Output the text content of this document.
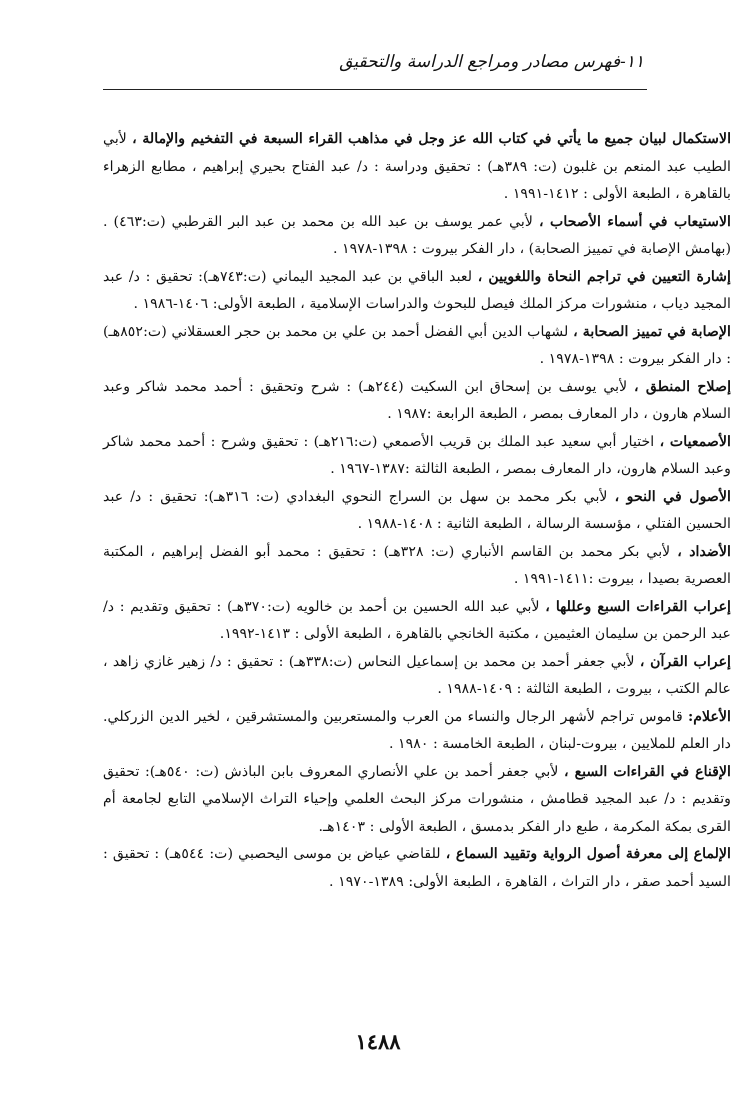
١١-فهرس مصادر ومراجع الدراسة والتحقيق

الاستكمال لبيان جميع ما يأتي في كتاب الله عز وجل في مذاهب القراء السبعة في التفخيم والإمالة ، لأبي الطيب عبد المنعم بن غلبون (ت: ٣٨٩هـ) : تحقيق ودراسة : د/ عبد الفتاح بحيري إبراهيم ، مطابع الزهراء بالقاهرة ، الطبعة الأولى : ١٤١٢-١٩٩١ .

الاستيعاب في أسماء الأصحاب ، لأبي عمر يوسف بن عبد الله بن محمد بن عبد البر القرطبي (ت:٤٦٣) . (بهامش الإصابة في تمييز الصحابة) ، دار الفكر بيروت : ١٣٩٨-١٩٧٨ .

إشارة التعيين في تراجم النحاة واللغويين ، لعبد الباقي بن عبد المجيد اليماني (ت:٧٤٣هـ): تحقيق : د/ عبد المجيد دياب ، منشورات مركز الملك فيصل للبحوث والدراسات الإسلامية ، الطبعة الأولى: ١٤٠٦-١٩٨٦ .

الإصابة في تمييز الصحابة ، لشهاب الدين أبي الفضل أحمد بن علي بن محمد بن حجر العسقلاني (ت:٨٥٢هـ) : دار الفكر بيروت : ١٣٩٨-١٩٧٨ .

إصلاح المنطق ، لأبي يوسف بن إسحاق ابن السكيت (٢٤٤هـ) : شرح وتحقيق : أحمد محمد شاكر وعبد السلام هارون ، دار المعارف بمصر ، الطبعة الرابعة :١٩٨٧ .

الأصمعيات ، اختيار أبي سعيد عبد الملك بن قريب الأصمعي (ت:٢١٦هـ) : تحقيق وشرح : أحمد محمد شاكر وعبد السلام هارون، دار المعارف بمصر ، الطبعة الثالثة :١٣٨٧-١٩٦٧ .

الأصول في النحو ، لأبي بكر محمد بن سهل بن السراج النحوي البغدادي (ت: ٣١٦هـ): تحقيق : د/ عبد الحسين الفتلي ، مؤسسة الرسالة ، الطبعة الثانية : ١٤٠٨-١٩٨٨ .

الأضداد ، لأبي بكر محمد بن القاسم الأنباري (ت: ٣٢٨هـ) : تحقيق : محمد أبو الفضل إبراهيم ، المكتبة العصرية بصيدا ، بيروت :١٤١١-١٩٩١ .

إعراب القراءات السبع وعللها ، لأبي عبد الله الحسين بن أحمد بن خالويه (ت:٣٧٠هـ) : تحقيق وتقديم : د/عبد الرحمن بن سليمان العثيمين ، مكتبة الخانجي بالقاهرة ، الطبعة الأولى : ١٤١٣-١٩٩٢.

إعراب القرآن ، لأبي جعفر أحمد بن محمد بن إسماعيل النحاس (ت:٣٣٨هـ) : تحقيق : د/ زهير غازي زاهد ، عالم الكتب ، بيروت ، الطبعة الثالثة : ١٤٠٩-١٩٨٨ .

الأعلام: قاموس تراجم لأشهر الرجال والنساء من العرب والمستعربين والمستشرقين ، لخير الدين الزركلي. دار العلم للملايين ، بيروت-لبنان ، الطبعة الخامسة : ١٩٨٠ .

الإقناع في القراءات السبع ، لأبي جعفر أحمد بن علي الأنصاري المعروف بابن الباذش (ت: ٥٤٠هـ): تحقيق وتقديم : د/ عبد المجيد قطامش ، منشورات مركز البحث العلمي وإحياء التراث الإسلامي التابع لجامعة أم القرى بمكة المكرمة ، طبع دار الفكر بدمسق ، الطبعة الأولى : ١٤٠٣هـ.

الإلماع إلى معرفة أصول الرواية وتقييد السماع ، للقاضي عياض بن موسى اليحصبي (ت: ٥٤٤هـ) : تحقيق : السيد أحمد صقر ، دار التراث ، القاهرة ، الطبعة الأولى: ١٣٨٩-١٩٧٠ .

١٤٨٨
